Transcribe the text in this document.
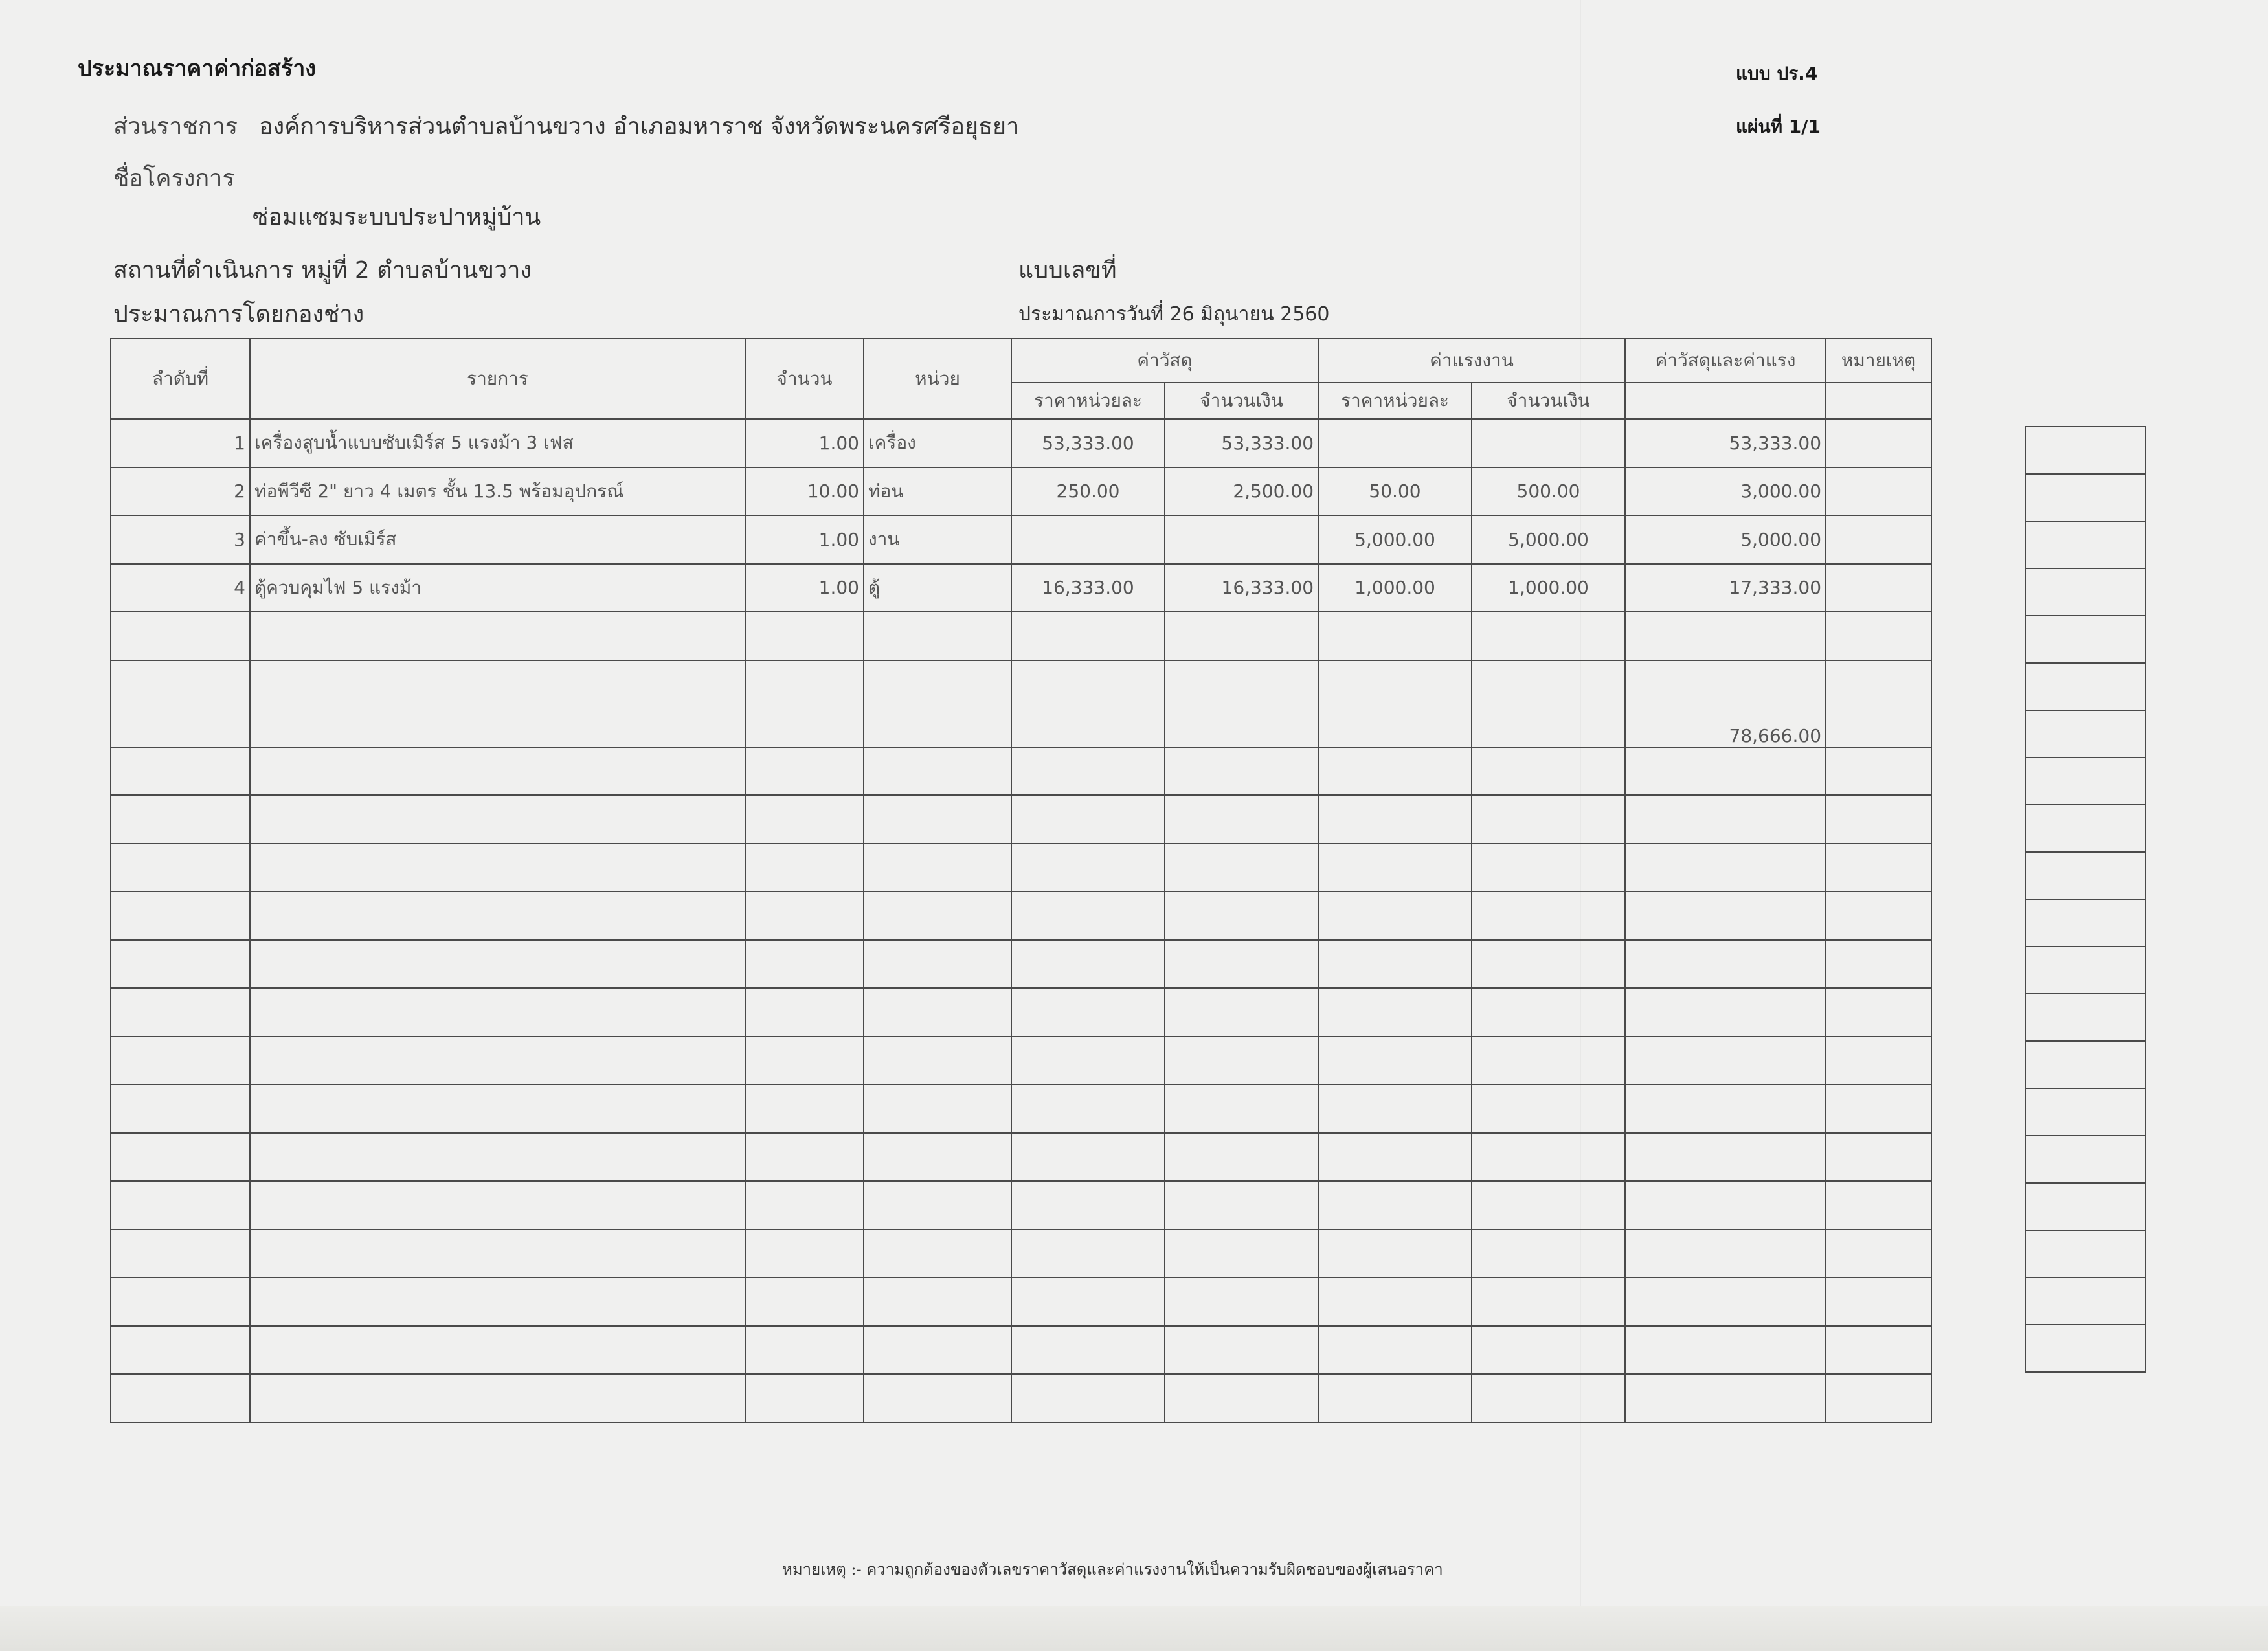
ประมาณราคาค่าก่อสร้าง	แบบ ปร.4
แผ่นที่ 1/1
ส่วนราชการ องค์การบริหารส่วนตำบลบ้านขวาง อำเภอมหาราช จังหวัดพระนครศรีอยุธยา
ชื่อโครงการ
ซ่อมแซมระบบประปาหมู่บ้าน
สถานที่ดำเนินการ หมู่ที่ 2 ตำบลบ้านขวาง
ประมาณการโดยกองช่าง
แบบเลขที่
ประมาณการวันที่ 26 มิถุนายน 2560
ลำดับที่	รายการ	จำนวน	หน่วย	ค่าวัสดุ		ค่าแรงงาน		ค่าวัสดุและค่าแรง	หมายเหตุ
				ราคาหน่วยละ	จำนวนเงิน	ราคาหน่วยละ	จำนวนเงิน		
1	เครื่องสูบน้ำแบบซับเมิร์ส 5 แรงม้า 3 เฟส	1.00	เครื่อง	53,333.00	53,333.00			53,333.00	
2	ท่อพีวีซี 2" ยาว 4 เมตร ชั้น 13.5 พร้อมอุปกรณ์	10.00	ท่อน	250.00	2,500.00	50.00	500.00	3,000.00	
3	ค่าขึ้น-ลง ซับเมิร์ส	1.00	งาน			5,000.00	5,000.00	5,000.00	
4	ตู้ควบคุมไฟ 5 แรงม้า	1.00	ตู้	16,333.00	16,333.00	1,000.00	1,000.00	17,333.00	

								78,666.00	

หมายเหตุ :- ความถูกต้องของตัวเลขราคาวัสดุและค่าแรงงานให้เป็นความรับผิดชอบของผู้เสนอราคา
